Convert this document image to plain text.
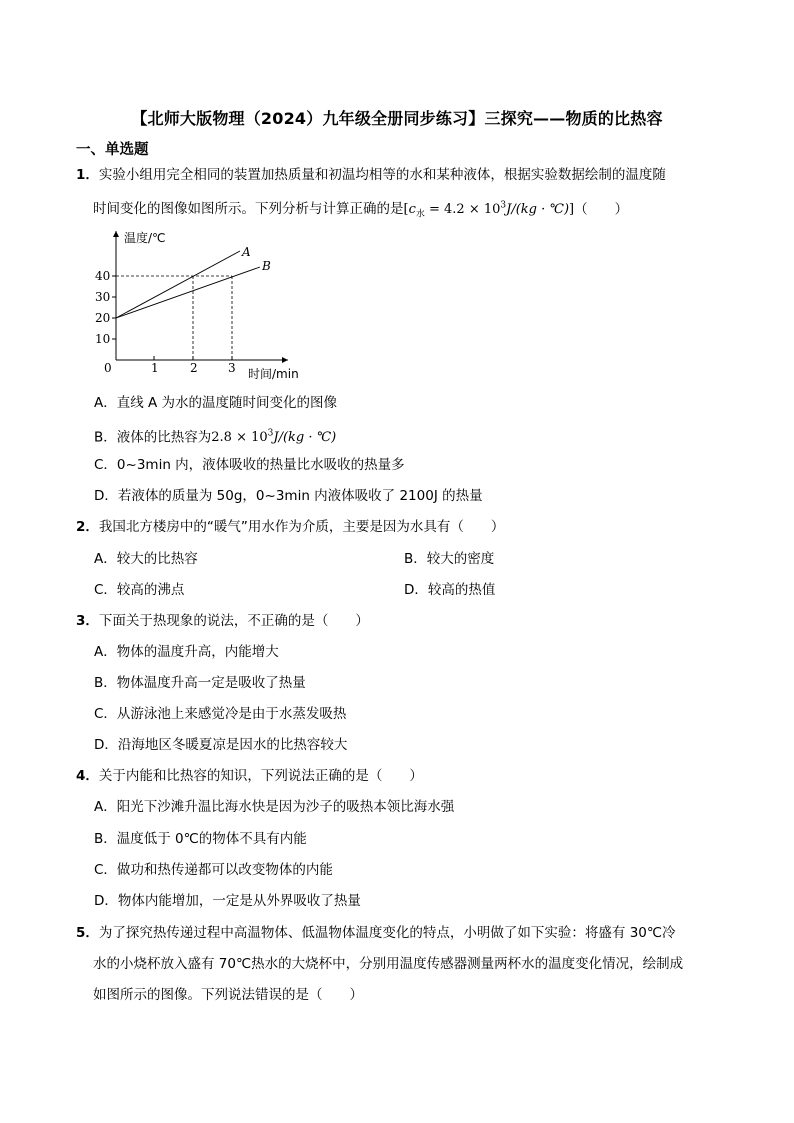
【北师大版物理（2024）九年级全册同步练习】三探究——物质的比热容
一、单选题
1．实验小组用完全相同的装置加热质量和初温均相等的水和某种液体，根据实验数据绘制的温度随
时间变化的图像如图所示。下列分析与计算正确的是[$c_水 = 4.2 \times 10^3J/(kg$ · ℃)]（　　）
温度/℃
时间/min
0
10
20
30
40
1	2	3
A
B
A．直线 A 为水的温度随时间变化的图像
B．液体的比热容为$2.8 \times 10^3J/(kg$ · ℃)
C．0~3min 内，液体吸收的热量比水吸收的热量多
D．若液体的质量为 50g，0~3min 内液体吸收了 2100J 的热量
2．我国北方楼房中的“暖气”用水作为介质，主要是因为水具有（　　）
A．较大的比热容	B．较大的密度
C．较高的沸点	D．较高的热值
3．下面关于热现象的说法，不正确的是（　　）
A．物体的温度升高，内能增大
B．物体温度升高一定是吸收了热量
C．从游泳池上来感觉冷是由于水蒸发吸热
D．沿海地区冬暖夏凉是因水的比热容较大
4．关于内能和比热容的知识，下列说法正确的是（　　）
A．阳光下沙滩升温比海水快是因为沙子的吸热本领比海水强
B．温度低于 0℃的物体不具有内能
C．做功和热传递都可以改变物体的内能
D．物体内能增加，一定是从外界吸收了热量
5．为了探究热传递过程中高温物体、低温物体温度变化的特点，小明做了如下实验：将盛有 30℃冷
水的小烧杯放入盛有 70℃热水的大烧杯中，分别用温度传感器测量两杯水的温度变化情况，绘制成
如图所示的图像。下列说法错误的是（　　）
